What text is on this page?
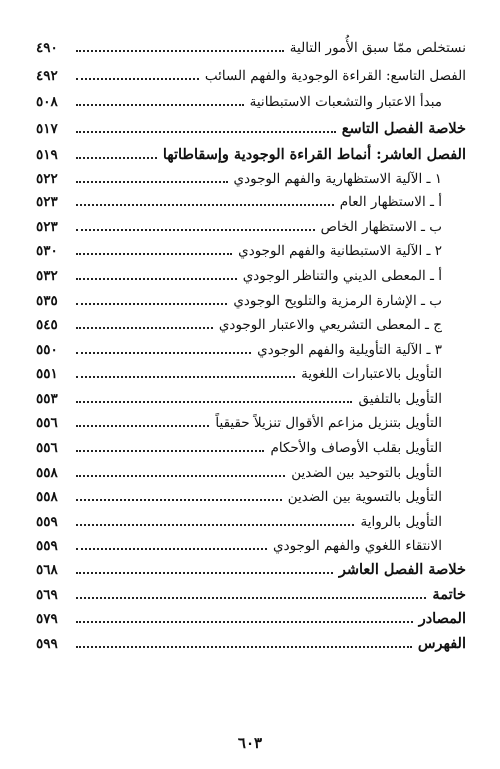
٤٩٠	نستخلص ممّا سبق الأُمور التالية
٤٩٢	الفصل التاسع: القراءة الوجودية والفهم السائب
٥٠٨	مبدأ الاعتبار والتشعبات الاستبطانية
٥١٧	خلاصة الفصل التاسع
٥١٩	الفصل العاشر: أنماط القراءة الوجودية وإسقاطاتها
٥٢٢	١ ـ الآلية الاستظهارية والفهم الوجودي
٥٢٣	أ ـ الاستظهار العام
٥٢٣	ب ـ الاستظهار الخاص
٥٣٠	٢ ـ الآلية الاستبطانية والفهم الوجودي
٥٣٢	أ ـ المعطى الديني والتناظر الوجودي
٥٣٥	ب ـ الإشارة الرمزية والتلويح الوجودي
٥٤٥	ج ـ المعطى التشريعي والاعتبار الوجودي
٥٥٠	٣ ـ الآلية التأويلية والفهم الوجودي
٥٥١	التأويل بالاعتبارات اللغوية
٥٥٣	التأويل بالتلفيق
٥٥٦	التأويل بتنزيل مزاعم الأقوال تنزيلاً حقيقياً
٥٥٦	التأويل بقلب الأوصاف والأحكام
٥٥٨	التأويل بالتوحيد بين الضدين
٥٥٨	التأويل بالتسوية بين الضدين
٥٥٩	التأويل بالرواية
٥٥٩	الانتقاء اللغوي والفهم الوجودي
٥٦٨	خلاصة الفصل العاشر
٥٦٩	خاتمة
٥٧٩	المصادر
٥٩٩	الفهرس
٦٠٣
